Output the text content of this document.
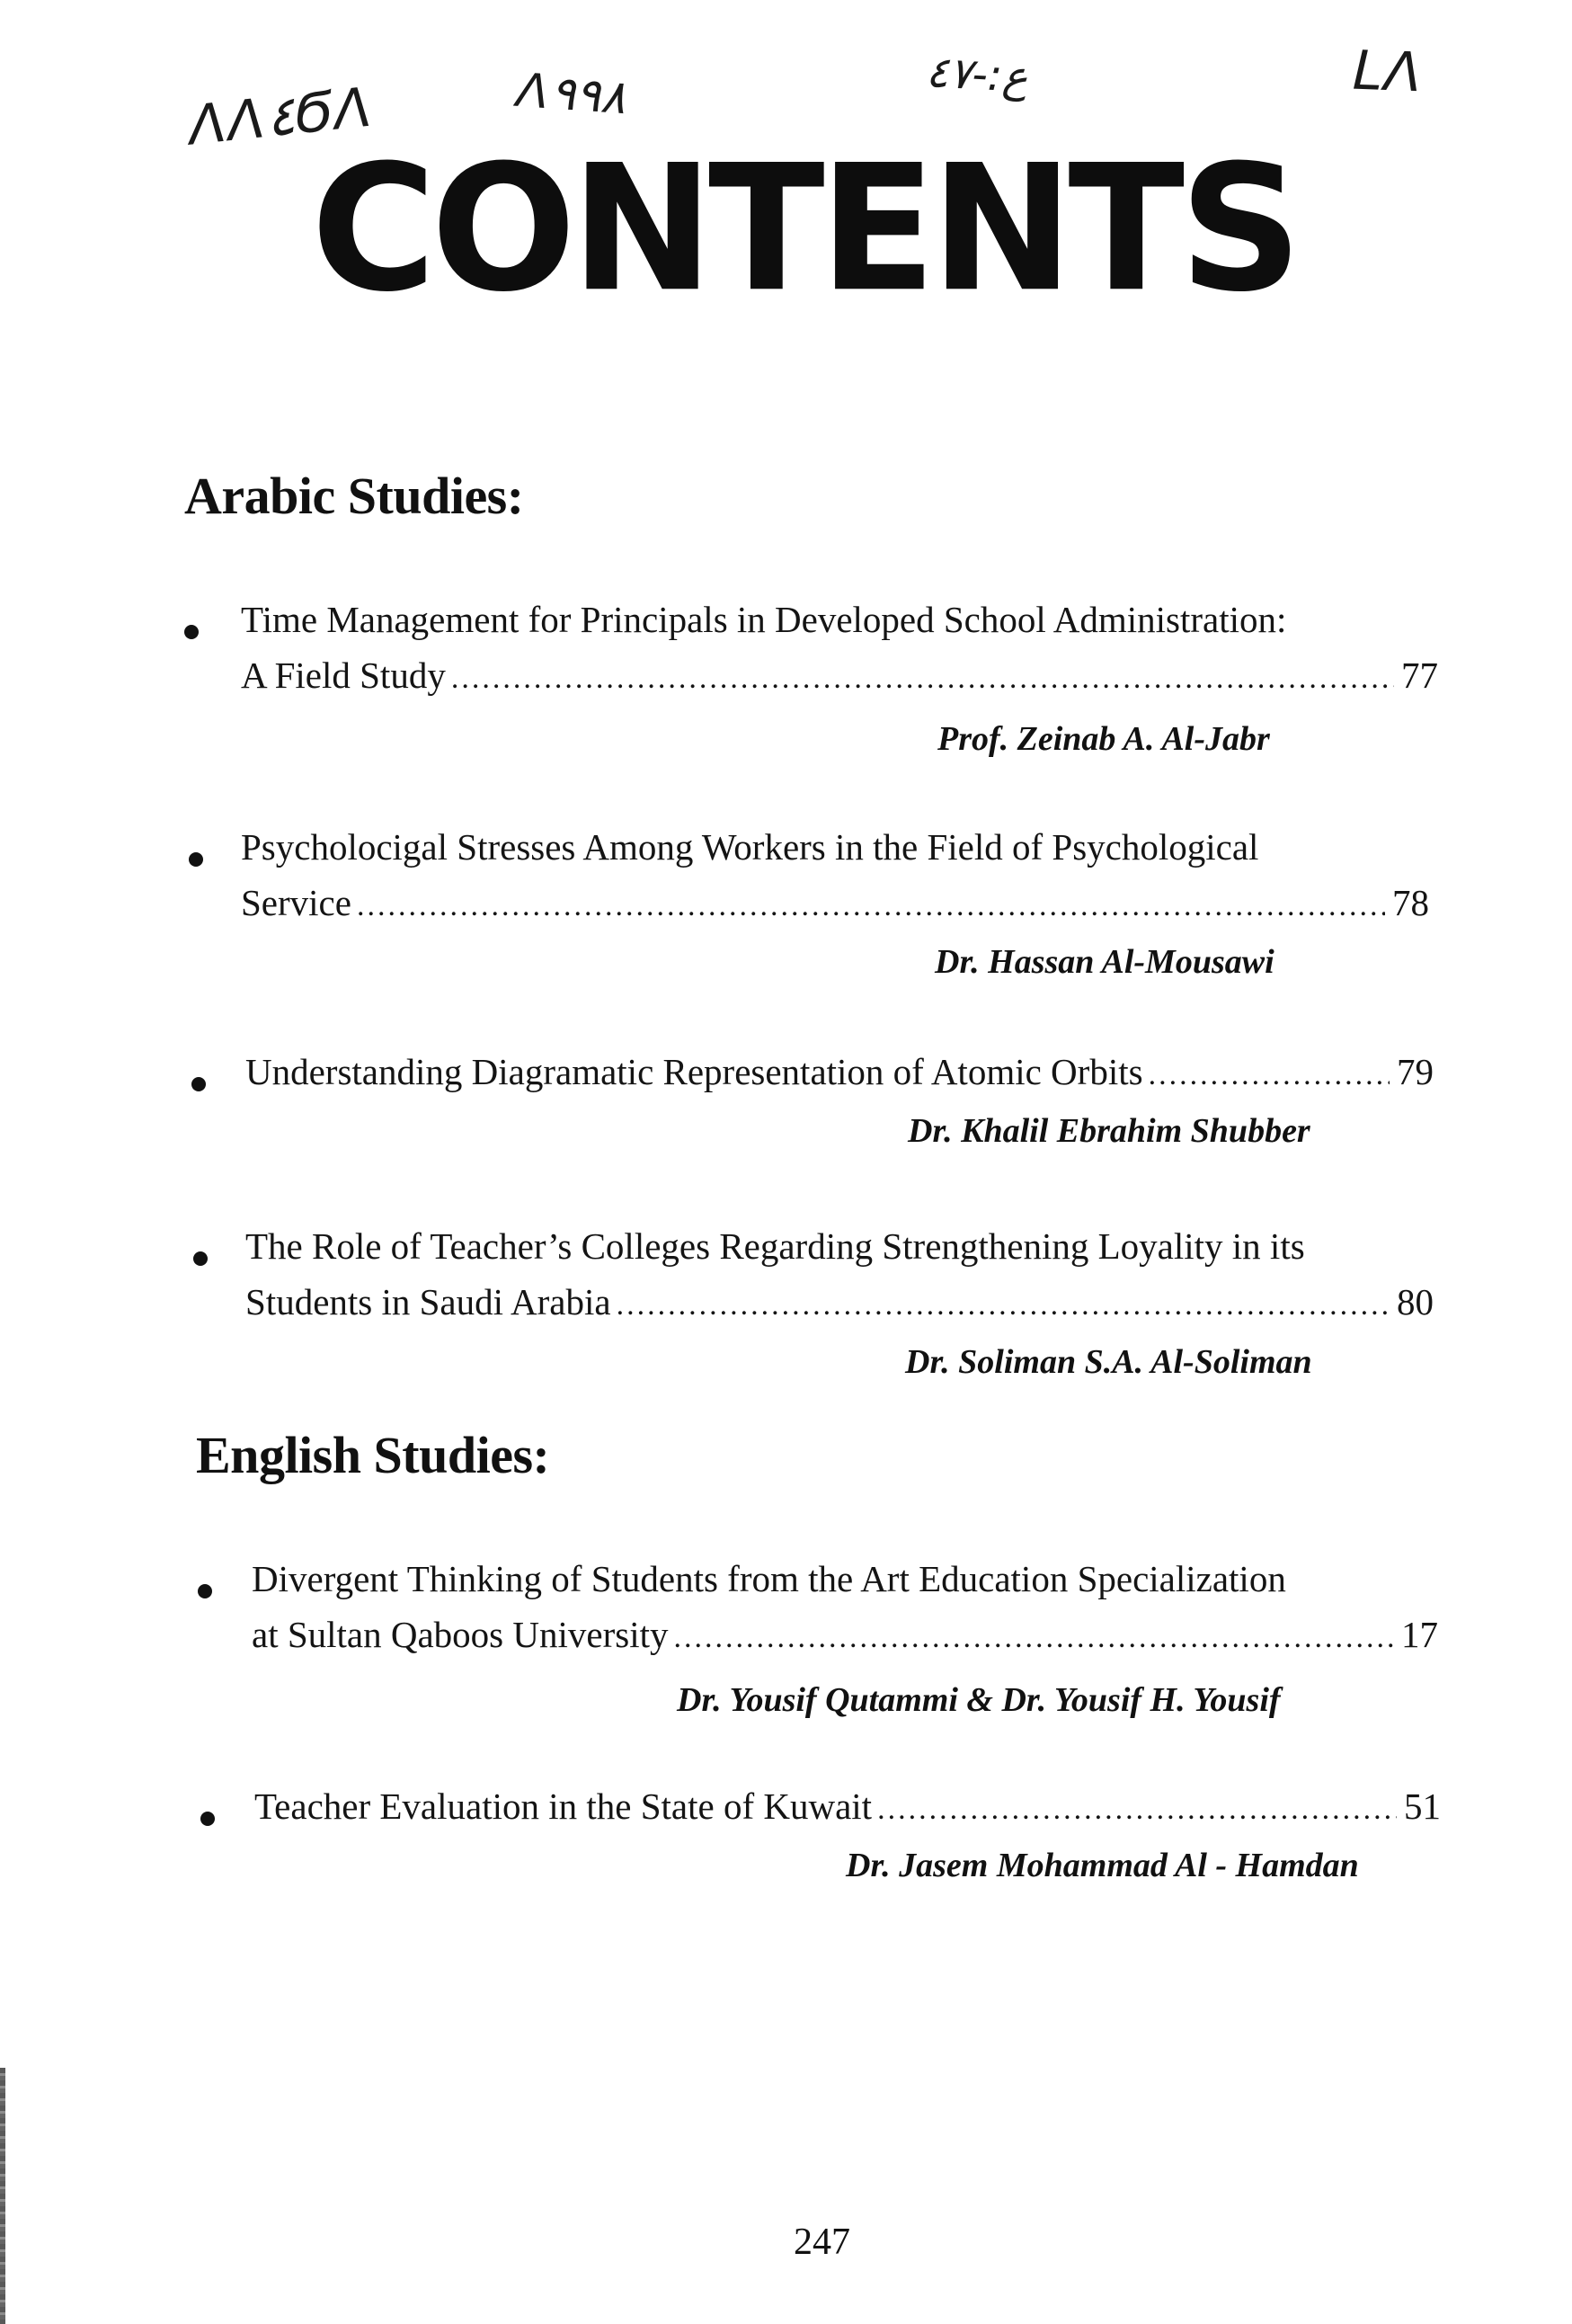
ΛΛ٤ϬΛ	Λ٩٩٨	ع:-٤٧	LΛ
CONTENTS
Arabic Studies:
Time Management for Principals in Developed School Administration:
A Field Study .....	77
Prof. Zeinab A. Al-Jabr
Psycholocigal Stresses Among Workers in the Field of Psychological
Service .....	78
Dr. Hassan Al-Mousawi
Understanding Diagramatic Representation of Atomic Orbits .....	79
Dr. Khalil Ebrahim Shubber
The Role of Teacher’s Colleges Regarding Strengthening Loyality in its
Students in Saudi Arabia .....	80
Dr. Soliman S.A. Al-Soliman
English Studies:
Divergent Thinking of Students from the Art Education Specialization
at Sultan Qaboos University .....	17
Dr. Yousif Qutammi & Dr. Yousif H. Yousif
Teacher Evaluation in the State of Kuwait .....	51
Dr. Jasem Mohammad Al - Hamdan
247
